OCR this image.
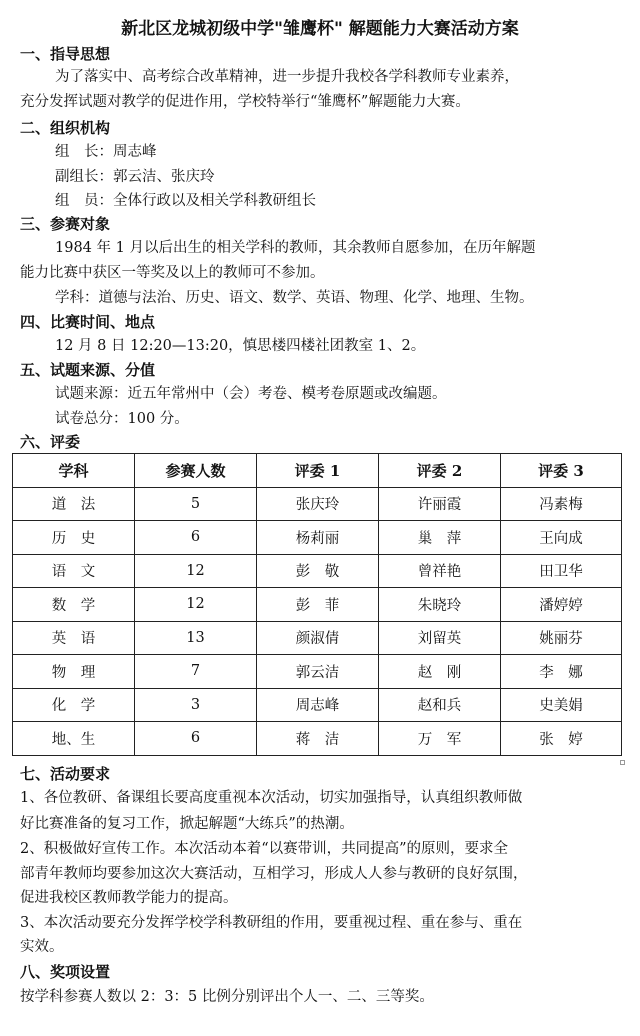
新北区龙城初级中学"雏鹰杯" 解题能力大赛活动方案
一、指导思想
为了落实中、高考综合改革精神，进一步提升我校各学科教师专业素养，
充分发挥试题对教学的促进作用，学校特举行“雏鹰杯”解题能力大赛。
二、组织机构
组　长：周志峰
副组长：郭云洁、张庆玲
组　员：全体行政以及相关学科教研组长
三、参赛对象
1984 年 1 月以后出生的相关学科的教师，其余教师自愿参加，在历年解题
能力比赛中获区一等奖及以上的教师可不参加。
学科：道德与法治、历史、语文、数学、英语、物理、化学、地理、生物。
四、比赛时间、地点
12 月 8 日 12:20—13:20，慎思楼四楼社团教室 1、2。
五、试题来源、分值
试题来源：近五年常州中（会）考卷、模考卷原题或改编题。
试卷总分：100 分。
六、评委
学科	参赛人数	评委 1	评委 2	评委 3
道　法	5	张庆玲	许丽霞	冯素梅
历　史	6	杨莉丽	巢　萍	王向成
语　文	12	彭　敬	曾祥艳	田卫华
数　学	12	彭　菲	朱晓玲	潘婷婷
英　语	13	颜淑倩	刘留英	姚丽芬
物　理	7	郭云洁	赵　刚	李　娜
化　学	3	周志峰	赵和兵	史美娟
地、生	6	蒋　洁	万　军	张　婷
七、活动要求
1、各位教研、备课组长要高度重视本次活动，切实加强指导，认真组织教师做
好比赛准备的复习工作，掀起解题“大练兵”的热潮。
2、积极做好宣传工作。本次活动本着“以赛带训，共同提高”的原则，要求全
部青年教师均要参加这次大赛活动，互相学习，形成人人参与教研的良好氛围，
促进我校区教师教学能力的提高。
3、本次活动要充分发挥学校学科教研组的作用，要重视过程、重在参与、重在
实效。
八、奖项设置
按学科参赛人数以 2：3：5 比例分别评出个人一、二、三等奖。
